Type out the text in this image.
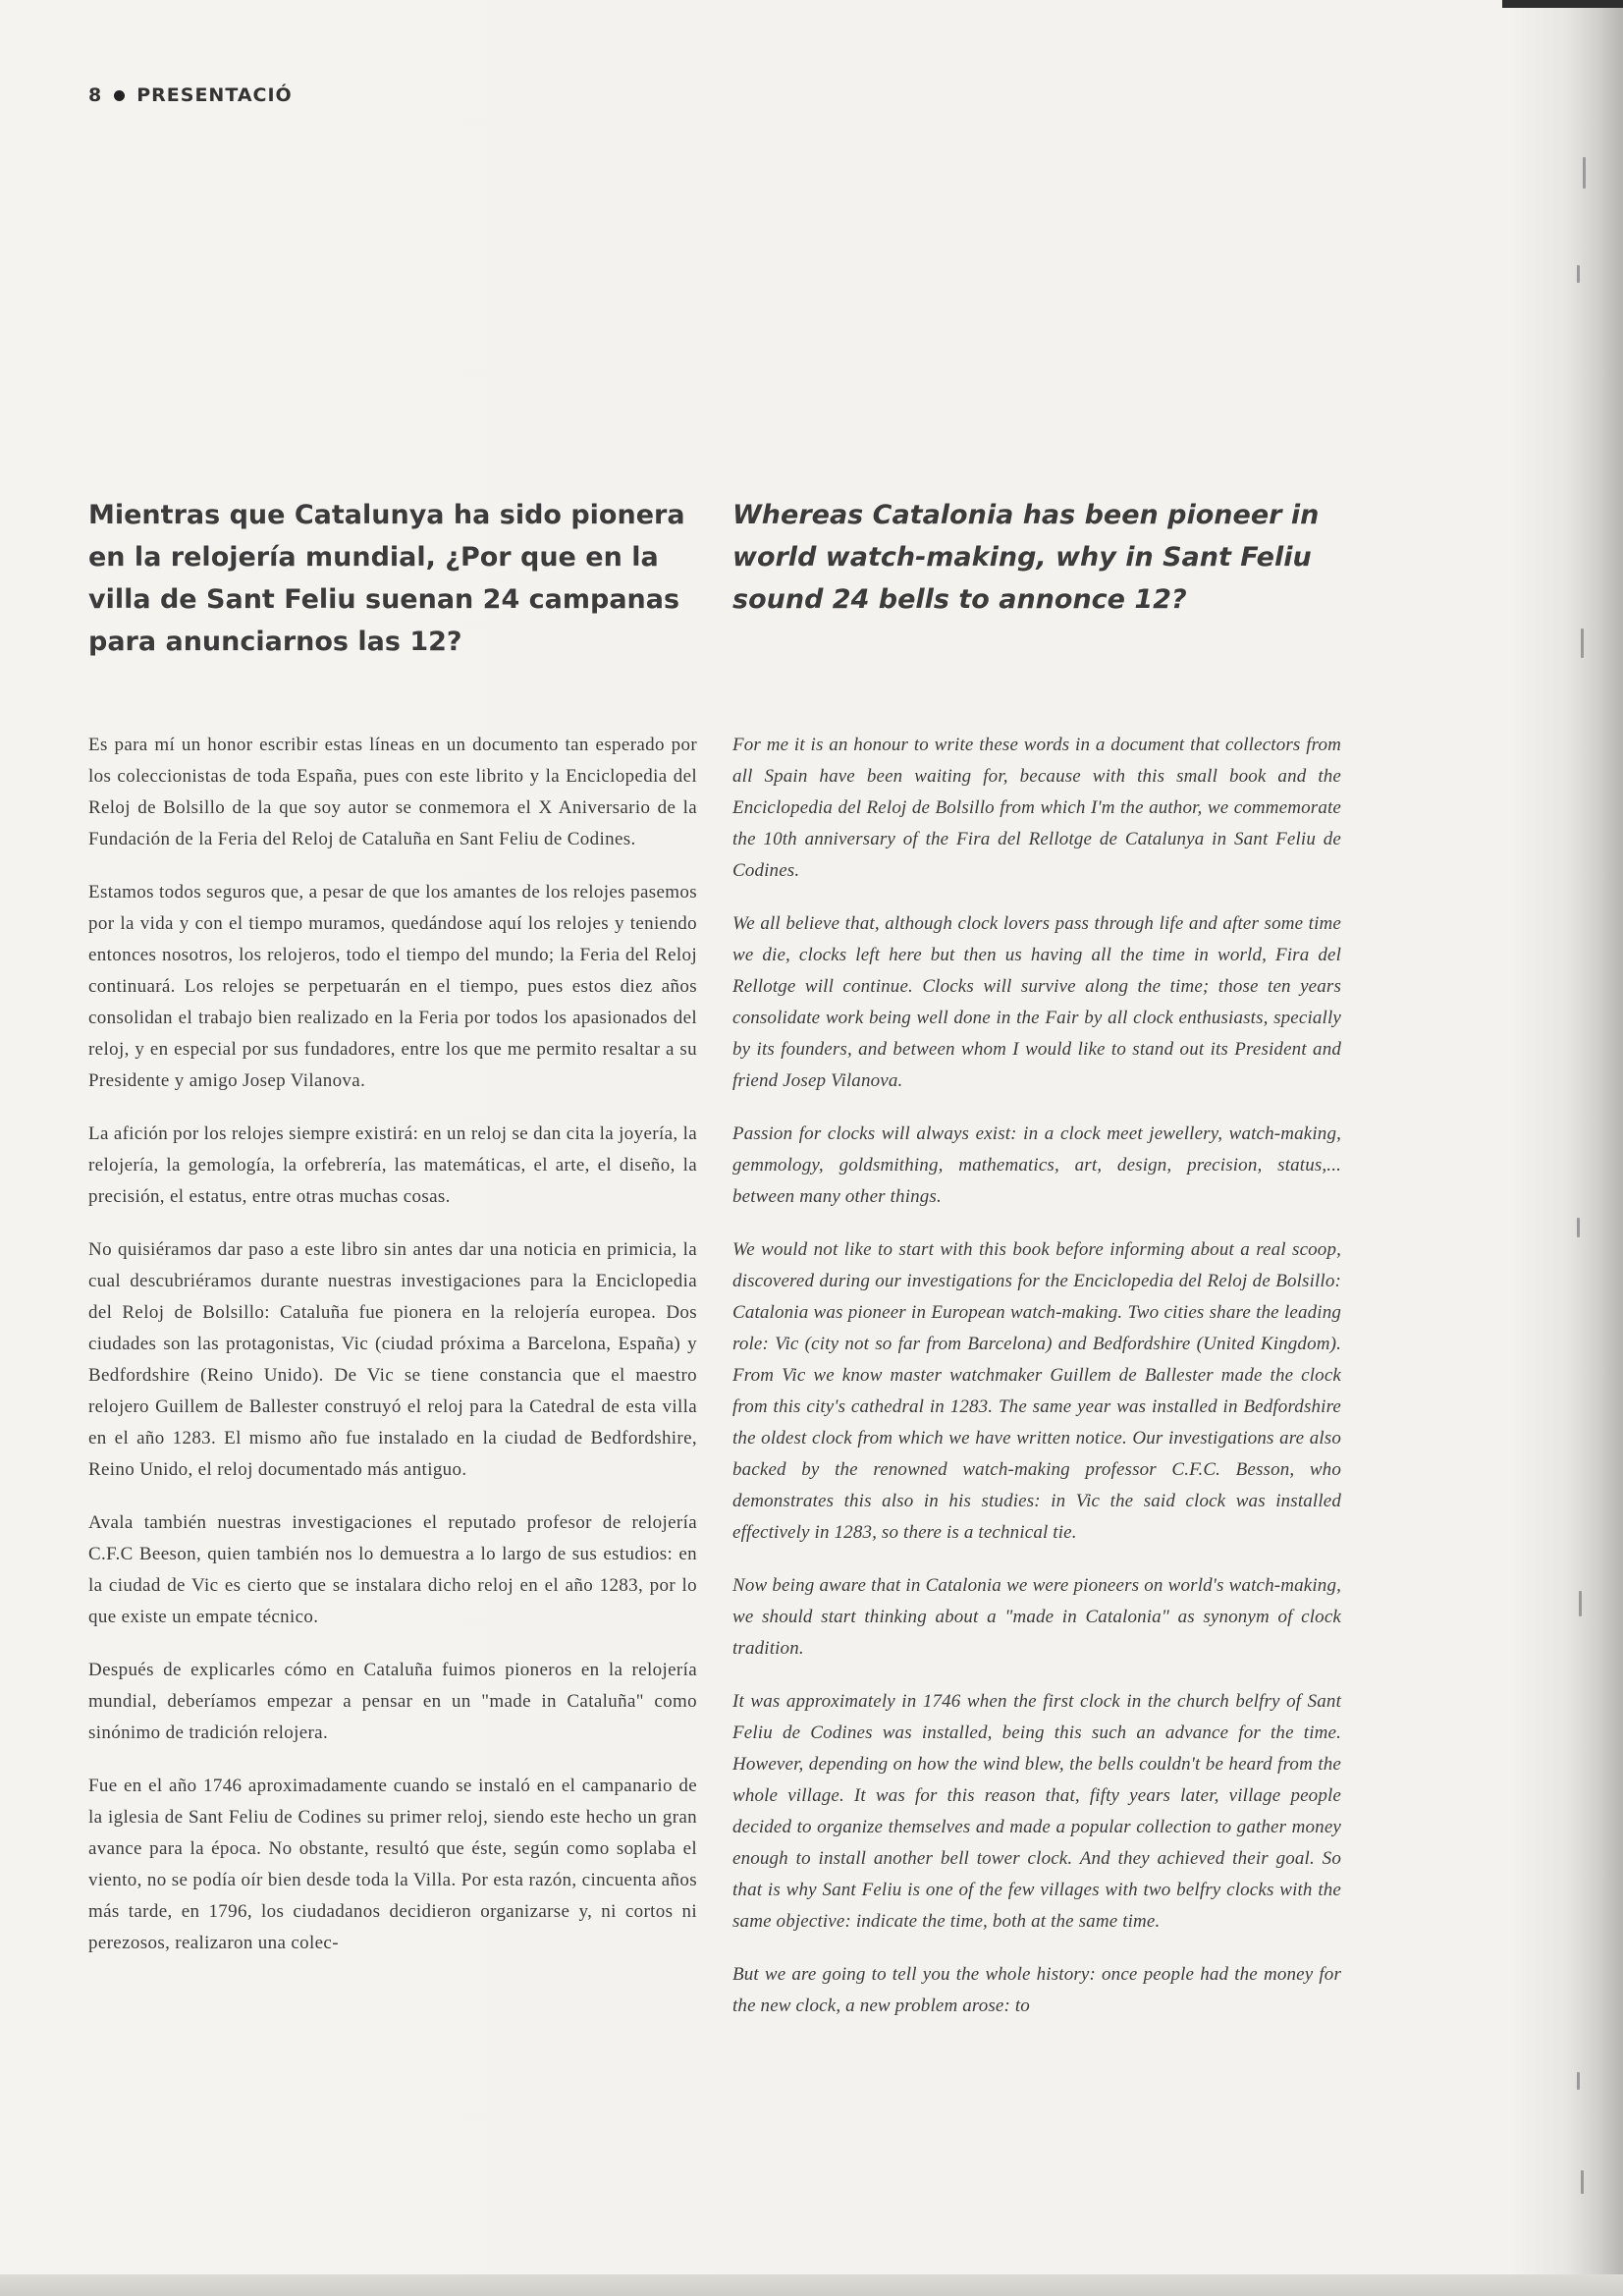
8 PRESENTACIÓ
Mientras que Catalunya ha sido pionera en la relojería mundial, ¿Por que en la villa de Sant Feliu suenan 24 campanas para anunciarnos las 12?
Whereas Catalonia has been pioneer in world watch-making, why in Sant Feliu sound 24 bells to annonce 12?

Es para mí un honor escribir estas líneas en un documento tan esperado por los coleccionistas de toda España, pues con este librito y la Enciclopedia del Reloj de Bolsillo de la que soy autor se conmemora el X Aniversario de la Fundación de la Feria del Reloj de Cataluña en Sant Feliu de Codines.

Estamos todos seguros que, a pesar de que los amantes de los relojes pasemos por la vida y con el tiempo muramos, quedándose aquí los relojes y teniendo entonces nosotros, los relojeros, todo el tiempo del mundo; la Feria del Reloj continuará. Los relojes se perpetuarán en el tiempo, pues estos diez años consolidan el trabajo bien realizado en la Feria por todos los apasionados del reloj, y en especial por sus fundadores, entre los que me permito resaltar a su Presidente y amigo Josep Vilanova.

La afición por los relojes siempre existirá: en un reloj se dan cita la joyería, la relojería, la gemología, la orfebrería, las matemáticas, el arte, el diseño, la precisión, el estatus, entre otras muchas cosas.

No quisiéramos dar paso a este libro sin antes dar una noticia en primicia, la cual descubriéramos durante nuestras investigaciones para la Enciclopedia del Reloj de Bolsillo: Cataluña fue pionera en la relojería europea. Dos ciudades son las protagonistas, Vic (ciudad próxima a Barcelona, España) y Bedfordshire (Reino Unido). De Vic se tiene constancia que el maestro relojero Guillem de Ballester construyó el reloj para la Catedral de esta villa en el año 1283. El mismo año fue instalado en la ciudad de Bedfordshire, Reino Unido, el reloj documentado más antiguo.

Avala también nuestras investigaciones el reputado profesor de relojería C.F.C Beeson, quien también nos lo demuestra a lo largo de sus estudios: en la ciudad de Vic es cierto que se instalara dicho reloj en el año 1283, por lo que existe un empate técnico.

Después de explicarles cómo en Cataluña fuimos pioneros en la relojería mundial, deberíamos empezar a pensar en un "made in Cataluña" como sinónimo de tradición relojera.

Fue en el año 1746 aproximadamente cuando se instaló en el campanario de la iglesia de Sant Feliu de Codines su primer reloj, siendo este hecho un gran avance para la época. No obstante, resultó que éste, según como soplaba el viento, no se podía oír bien desde toda la Villa. Por esta razón, cincuenta años más tarde, en 1796, los ciudadanos decidieron organizarse y, ni cortos ni perezosos, realizaron una colec-

For me it is an honour to write these words in a document that collectors from all Spain have been waiting for, because with this small book and the Enciclopedia del Reloj de Bolsillo from which I'm the author, we commemorate the 10th anniversary of the Fira del Rellotge de Catalunya in Sant Feliu de Codines.

We all believe that, although clock lovers pass through life and after some time we die, clocks left here but then us having all the time in world, Fira del Rellotge will continue. Clocks will survive along the time; those ten years consolidate work being well done in the Fair by all clock enthusiasts, specially by its founders, and between whom I would like to stand out its President and friend Josep Vilanova.

Passion for clocks will always exist: in a clock meet jewellery, watch-making, gemmology, goldsmithing, mathematics, art, design, precision, status,... between many other things.

We would not like to start with this book before informing about a real scoop, discovered during our investigations for the Enciclopedia del Reloj de Bolsillo: Catalonia was pioneer in European watch-making. Two cities share the leading role: Vic (city not so far from Barcelona) and Bedfordshire (United Kingdom). From Vic we know master watchmaker Guillem de Ballester made the clock from this city's cathedral in 1283. The same year was installed in Bedfordshire the oldest clock from which we have written notice. Our investigations are also backed by the renowned watch-making professor C.F.C. Besson, who demonstrates this also in his studies: in Vic the said clock was installed effectively in 1283, so there is a technical tie.

Now being aware that in Catalonia we were pioneers on world's watch-making, we should start thinking about a "made in Catalonia" as synonym of clock tradition.

It was approximately in 1746 when the first clock in the church belfry of Sant Feliu de Codines was installed, being this such an advance for the time. However, depending on how the wind blew, the bells couldn't be heard from the whole village. It was for this reason that, fifty years later, village people decided to organize themselves and made a popular collection to gather money enough to install another bell tower clock. And they achieved their goal. So that is why Sant Feliu is one of the few villages with two belfry clocks with the same objective: indicate the time, both at the same time.

But we are going to tell you the whole history: once people had the money for the new clock, a new problem arose: to
